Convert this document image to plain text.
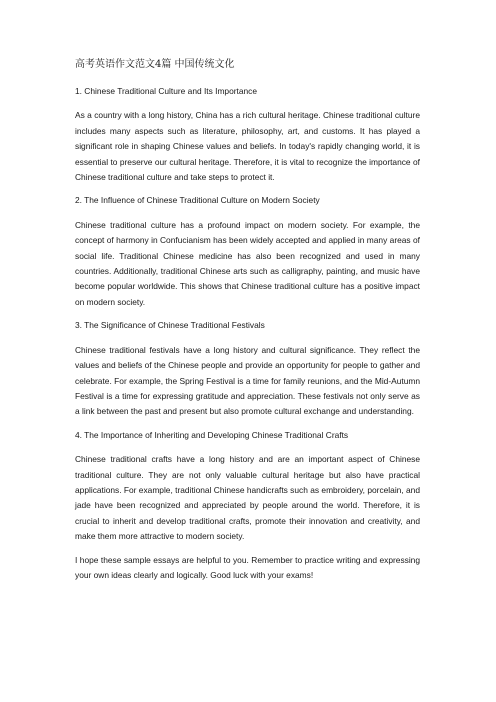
高考英语作文范文4篇 中国传统文化

1. Chinese Traditional Culture and Its Importance

As a country with a long history, China has a rich cultural heritage. Chinese traditional culture includes many aspects such as literature, philosophy, art, and customs. It has played a significant role in shaping Chinese values and beliefs. In today's rapidly changing world, it is essential to preserve our cultural heritage. Therefore, it is vital to recognize the importance of Chinese traditional culture and take steps to protect it.

2. The Influence of Chinese Traditional Culture on Modern Society

Chinese traditional culture has a profound impact on modern society. For example, the concept of harmony in Confucianism has been widely accepted and applied in many areas of social life. Traditional Chinese medicine has also been recognized and used in many countries. Additionally, traditional Chinese arts such as calligraphy, painting, and music have become popular worldwide. This shows that Chinese traditional culture has a positive impact on modern society.

3. The Significance of Chinese Traditional Festivals

Chinese traditional festivals have a long history and cultural significance. They reflect the values and beliefs of the Chinese people and provide an opportunity for people to gather and celebrate. For example, the Spring Festival is a time for family reunions, and the Mid-Autumn Festival is a time for expressing gratitude and appreciation. These festivals not only serve as a link between the past and present but also promote cultural exchange and understanding.

4. The Importance of Inheriting and Developing Chinese Traditional Crafts

Chinese traditional crafts have a long history and are an important aspect of Chinese traditional culture. They are not only valuable cultural heritage but also have practical applications. For example, traditional Chinese handicrafts such as embroidery, porcelain, and jade have been recognized and appreciated by people around the world. Therefore, it is crucial to inherit and develop traditional crafts, promote their innovation and creativity, and make them more attractive to modern society.

I hope these sample essays are helpful to you. Remember to practice writing and expressing your own ideas clearly and logically. Good luck with your exams!
